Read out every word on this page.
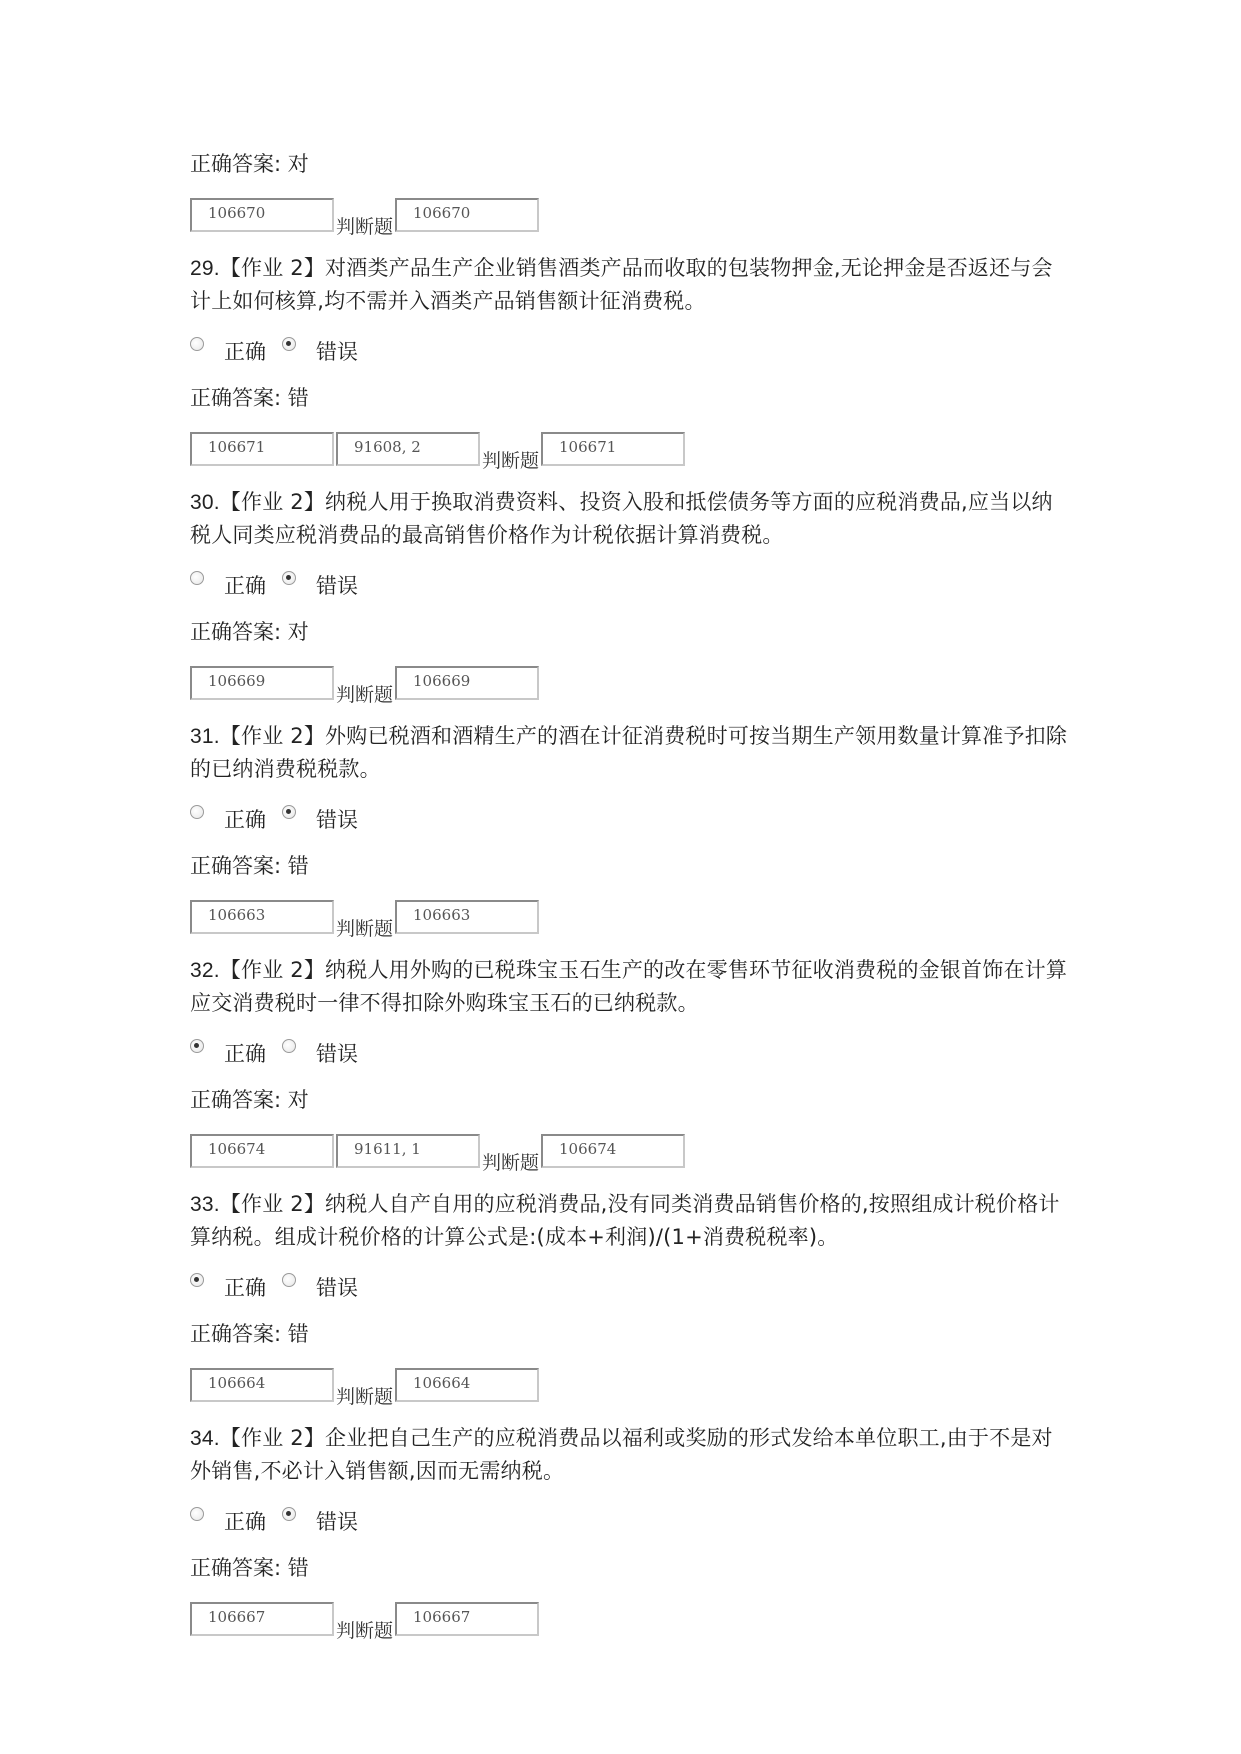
正确答案: 对

106670
判断题
106670

29.【作业 2】对酒类产品生产企业销售酒类产品而收取的包装物押金,无论押金是否返还与会计上如何核算,均不需并入酒类产品销售额计征消费税。

正确 错误

正确答案: 错

106671	91608, 2
判断题
106671

30.【作业 2】纳税人用于换取消费资料、投资入股和抵偿债务等方面的应税消费品,应当以纳税人同类应税消费品的最高销售价格作为计税依据计算消费税。

正确 错误

正确答案: 对

106669
判断题
106669

31.【作业 2】外购已税酒和酒精生产的酒在计征消费税时可按当期生产领用数量计算准予扣除的已纳消费税税款。

正确 错误

正确答案: 错

106663
判断题
106663

32.【作业 2】纳税人用外购的已税珠宝玉石生产的改在零售环节征收消费税的金银首饰在计算应交消费税时一律不得扣除外购珠宝玉石的已纳税款。

正确 错误

正确答案: 对

106674	91611, 1
判断题
106674

33.【作业 2】纳税人自产自用的应税消费品,没有同类消费品销售价格的,按照组成计税价格计算纳税。组成计税价格的计算公式是:(成本+利润)/(1+消费税税率)。

正确 错误

正确答案: 错

106664
判断题
106664

34.【作业 2】企业把自己生产的应税消费品以福利或奖励的形式发给本单位职工,由于不是对外销售,不必计入销售额,因而无需纳税。

正确 错误

正确答案: 错

106667
判断题
106667
